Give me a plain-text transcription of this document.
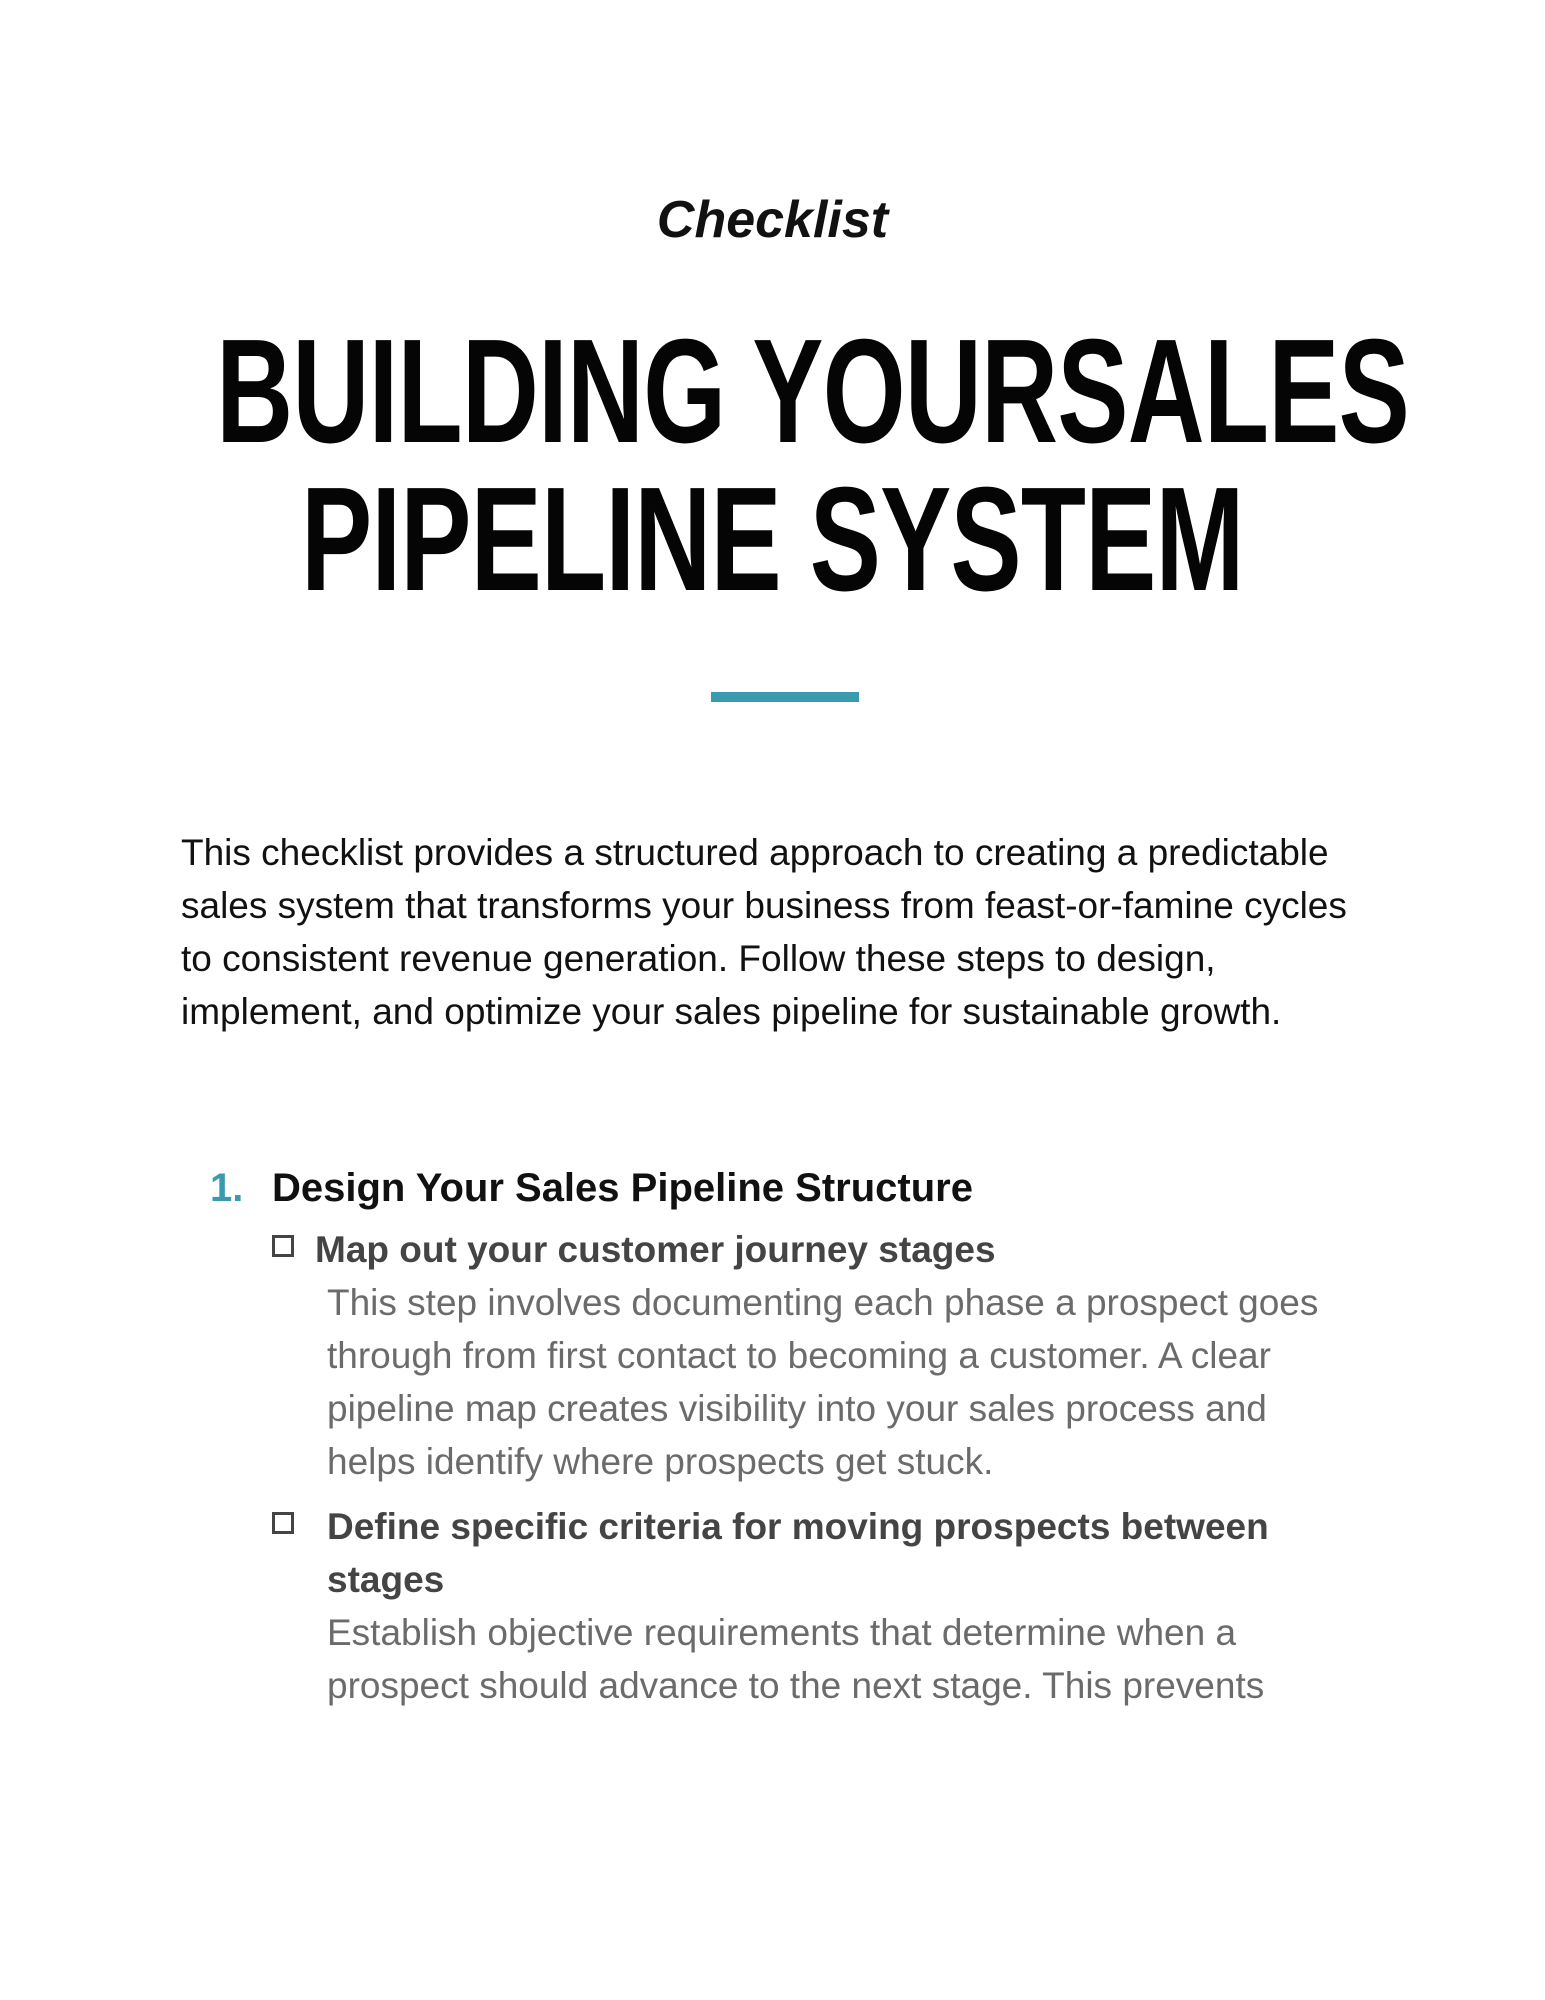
Checklist
BUILDING YOURSALES
PIPELINE SYSTEM

This checklist provides a structured approach to creating a predictable sales system that transforms your business from feast-or-famine cycles to consistent revenue generation. Follow these steps to design, implement, and optimize your sales pipeline for sustainable growth.

1. Design Your Sales Pipeline Structure
Map out your customer journey stages
This step involves documenting each phase a prospect goes through from first contact to becoming a customer. A clear pipeline map creates visibility into your sales process and helps identify where prospects get stuck.
Define specific criteria for moving prospects between stages
Establish objective requirements that determine when a prospect should advance to the next stage. This prevents
